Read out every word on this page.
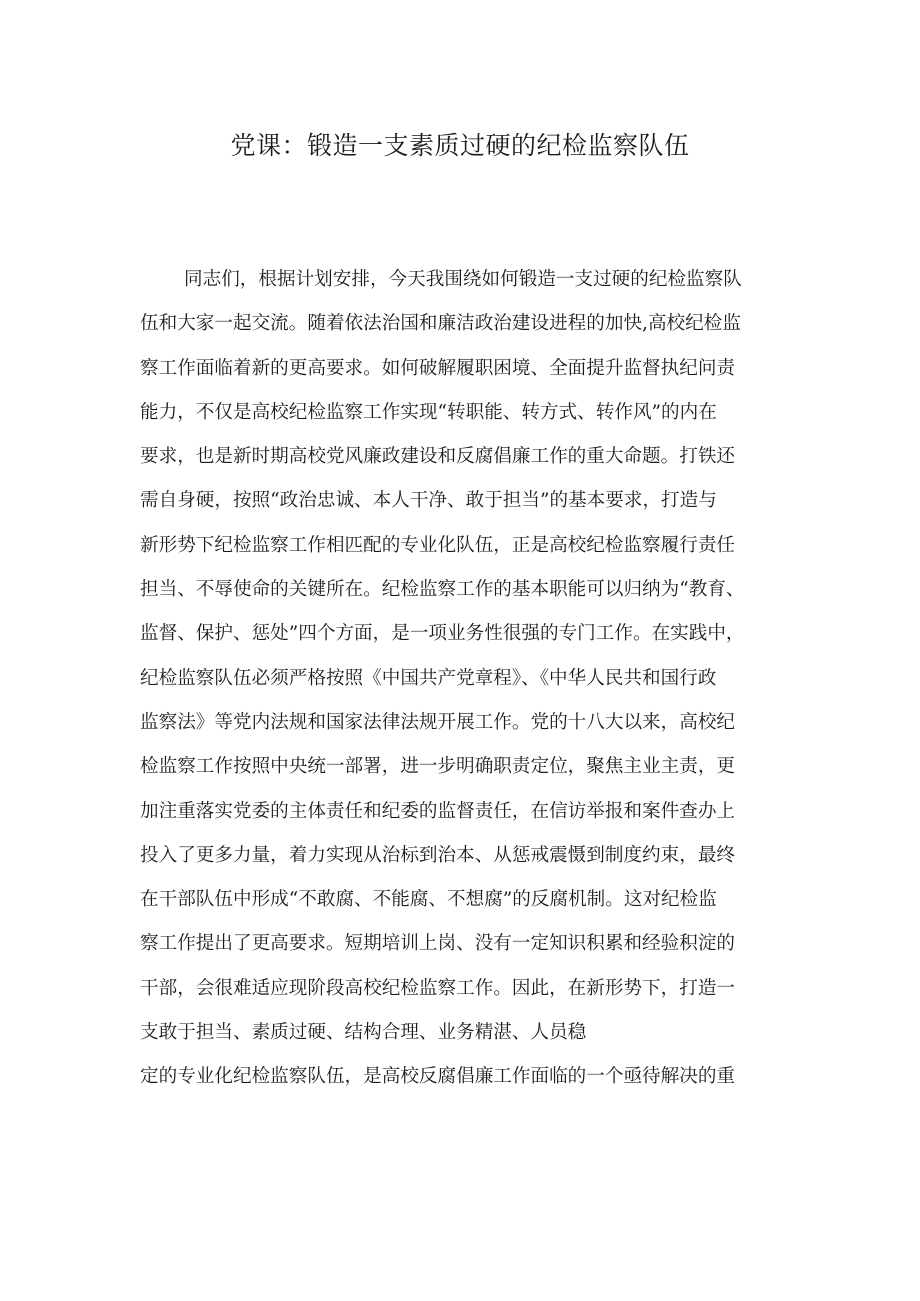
党课：锻造一支素质过硬的纪检监察队伍
同志们，根据计划安排，今天我围绕如何锻造一支过硬的纪检监察队
伍和大家一起交流。随着依法治国和廉洁政治建设进程的加快,高校纪检监
察工作面临着新的更高要求。如何破解履职困境、全面提升监督执纪问责
能力，不仅是高校纪检监察工作实现“转职能、转方式、转作风”的内在
要求，也是新时期高校党风廉政建设和反腐倡廉工作的重大命题。打铁还
需自身硬，按照“政治忠诚、本人干净、敢于担当”的基本要求，打造与
新形势下纪检监察工作相匹配的专业化队伍，正是高校纪检监察履行责任
担当、不辱使命的关键所在。纪检监察工作的基本职能可以归纳为“教育、
监督、保护、惩处”四个方面，是一项业务性很强的专门工作。在实践中，
纪检监察队伍必须严格按照《中国共产党章程》、《中华人民共和国行政
监察法》等党内法规和国家法律法规开展工作。党的十八大以来，高校纪
检监察工作按照中央统一部署，进一步明确职责定位，聚焦主业主责，更
加注重落实党委的主体责任和纪委的监督责任，在信访举报和案件查办上
投入了更多力量，着力实现从治标到治本、从惩戒震慑到制度约束，最终
在干部队伍中形成“不敢腐、不能腐、不想腐”的反腐机制。这对纪检监
察工作提出了更高要求。短期培训上岗、没有一定知识积累和经验积淀的
干部，会很难适应现阶段高校纪检监察工作。因此，在新形势下，打造一
支敢于担当、素质过硬、结构合理、业务精湛、人员稳
定的专业化纪检监察队伍，是高校反腐倡廉工作面临的一个亟待解决的重
